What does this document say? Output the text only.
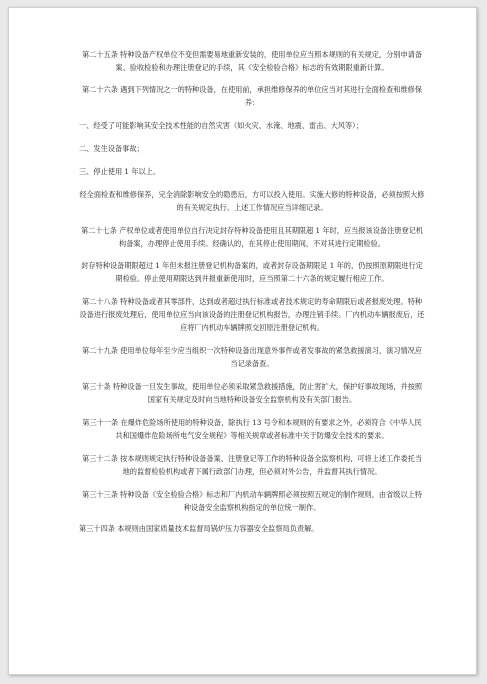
第二十五条 特种设备产权单位不变但需要易地重新安装的，使用单位应当照本规则的有关规定，分别申请备案、验收检验和办理注册登记的手续，其《安全检验合格》标志的有效期限重新计算。

第二十六条 遇到下列情况之一的特种设备，在使用前，承担维修保养的单位应当对其进行全面检查和维修保养：

一、经受了可能影响其安全技术性能的自然灾害（如火灾、水淹、地震、雷击、大风等）；

二、发生设备事故；

三、停止使用 1 年以上。

经全面检查和维修保养，完全消除影响安全的隐患后，方可以投入使用。实施大修的特种设备，必须按照大修的有关规定执行。上述工作情况应当详细记录。

第二十七条 产权单位或者使用单位自行决定封存特种设备使用且其期限超 1 年时，应当报该设备注册登记机构备案，办理停止使用手续。经确认的，在其停止使用期间，不对其进行定期检验。

封存特种设备期限超过 1 年但未报注册登记机构备案的，或者封存设备期限足 1 年的，仍按照原期限进行定期检验。停止使用期限达到并报重新使用时，应当照第二十六条的规定履行相应工作。

第二十八条 特种设备或者其零部件，达到或者超过执行标准或者技术规定的寿命期限后或者报废处理。特种设备进行报废处理后，使用单位应当向该设备的注册登记机构报告，办理注销手续。厂内机动车辆报废后，还应将厂内机动车辆牌照交回原注册登记机构。

第二十九条 使用单位每年至少应当组织一次特种设备出现意外事件或者发事故的紧急救援演习，演习情况应当记录备查。

第三十条 特种设备一旦发生事故，使用单位必须采取紧急救援措施，防止害扩大，保护好事故现场，并按照国家有关规定及时向当地特种设备安全监察机构及有关部门报告。

第三十一条 在爆炸危险场所使用的特种设备，除执行 13 号令和本规则的有要求之外，必须符合《中华人民共和国爆炸危险场所电气安全规程》等相关规章或者标准中关于防爆安全技术的要求。

第三十二条 按本规则规定执行特种设备备案、注册登记等工作的特种设备全监察机构，可将上述工作委托当地的监督检验机构或者下属行政部门办理，但必须对外公告，并监督其执行情况。

第三十三条 特种设备《安全检验合格》标志和厂内机动车辆牌照必须按照五规定的制作规则，由省级以上特种设备安全监察机构指定的单位统一制作。

第三十四条 本规则由国家质量技术监督局锅炉压力容器安全监察局负责解。
